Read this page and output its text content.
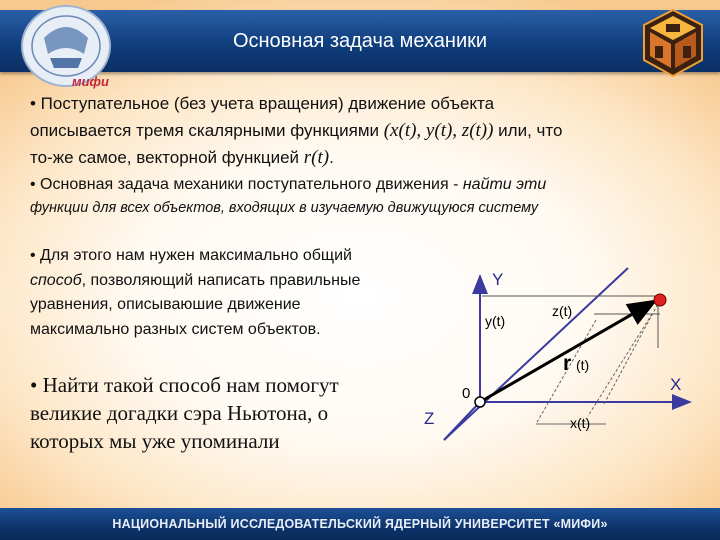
Основная задача механики
мифи
• Поступательное (без учета вращения) движение объекта
описывается тремя скалярными функциями (x(t), y(t), z(t)) или, что
то-же самое, векторной функцией r(t).
• Основная задача механики поступательного движения - найти эти
функции для всех объектов, входящих в изучаемую движущуюся систему
• Для этого нам нужен максимально общий способ, позволяющий написать правильные уравнения, описываюшие движение максимально разных систем объектов.
• Найти такой способ нам помогут великие догадки сэра Ньютона, о которых мы уже упоминали
Y
X
Z
0
y(t)
z(t)
x(t)
r (t)
НАЦИОНАЛЬНЫЙ ИССЛЕДОВАТЕЛЬСКИЙ ЯДЕРНЫЙ УНИВЕРСИТЕТ «МИФИ»
